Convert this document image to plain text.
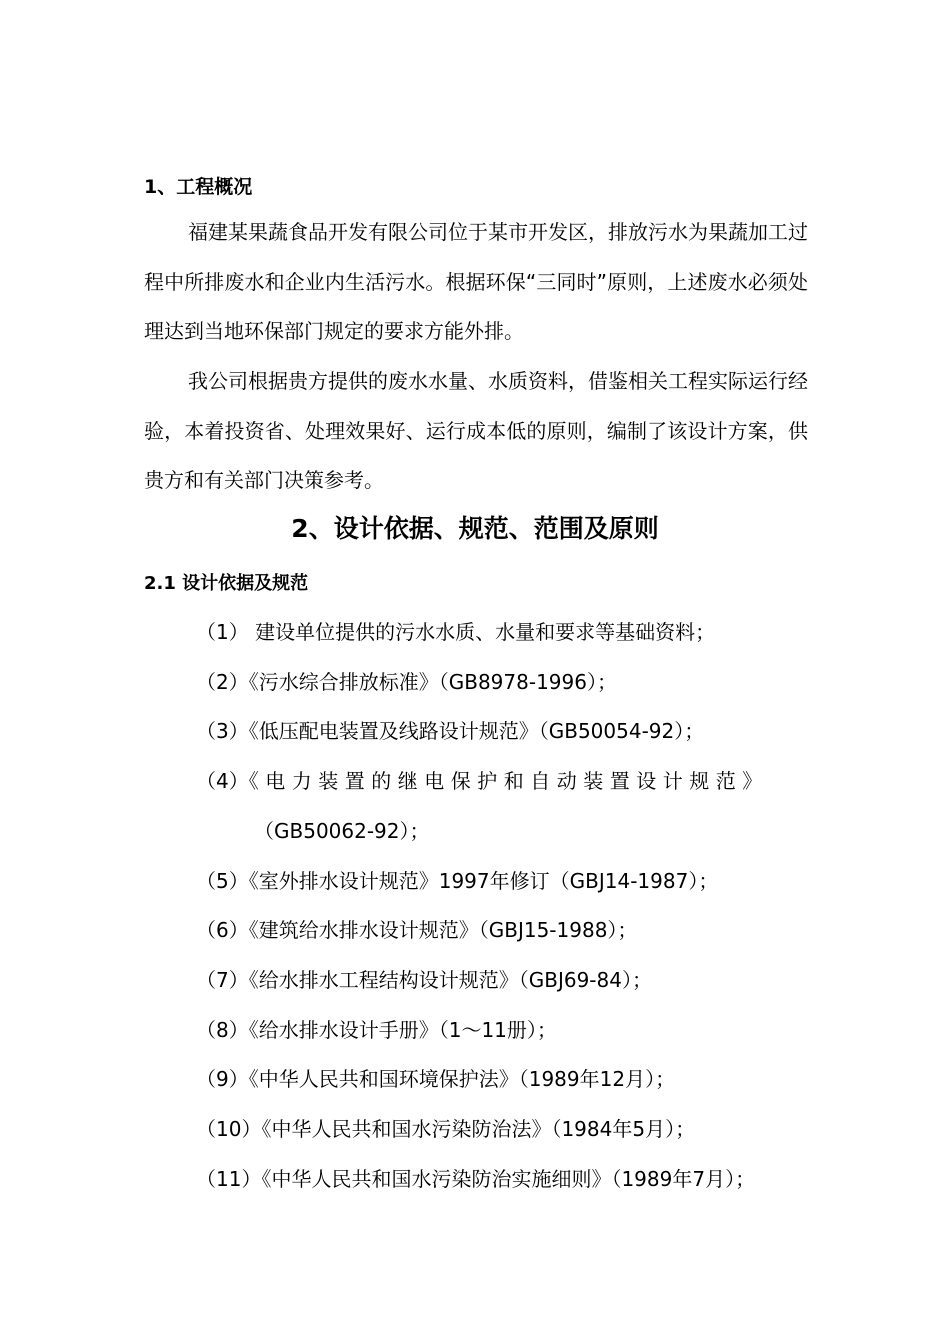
1、工程概况
福建某果蔬食品开发有限公司位于某市开发区，排放污水为果蔬加工过程中所排废水和企业内生活污水。根据环保“三同时”原则，上述废水必须处理达到当地环保部门规定的要求方能外排。
我公司根据贵方提供的废水水量、水质资料，借鉴相关工程实际运行经验，本着投资省、处理效果好、运行成本低的原则，编制了该设计方案，供贵方和有关部门决策参考。
2、设计依据、规范、范围及原则
2.1 设计依据及规范
（1） 建设单位提供的污水水质、水量和要求等基础资料；
（2）《污水综合排放标准》（GB8978-1996）；
（3）《低压配电装置及线路设计规范》（GB50054-92）；
（4）《电力装置的继电保护和自动装置设计规范》
（GB50062-92）；
（5）《室外排水设计规范》1997年修订（GBJ14-1987）；
（6）《建筑给水排水设计规范》（GBJ15-1988）；
（7）《给水排水工程结构设计规范》（GBJ69-84）；
（8）《给水排水设计手册》（1～11册）；
（9）《中华人民共和国环境保护法》（1989年12月）；
（10）《中华人民共和国水污染防治法》（1984年5月）；
（11）《中华人民共和国水污染防治实施细则》（1989年7月）；
